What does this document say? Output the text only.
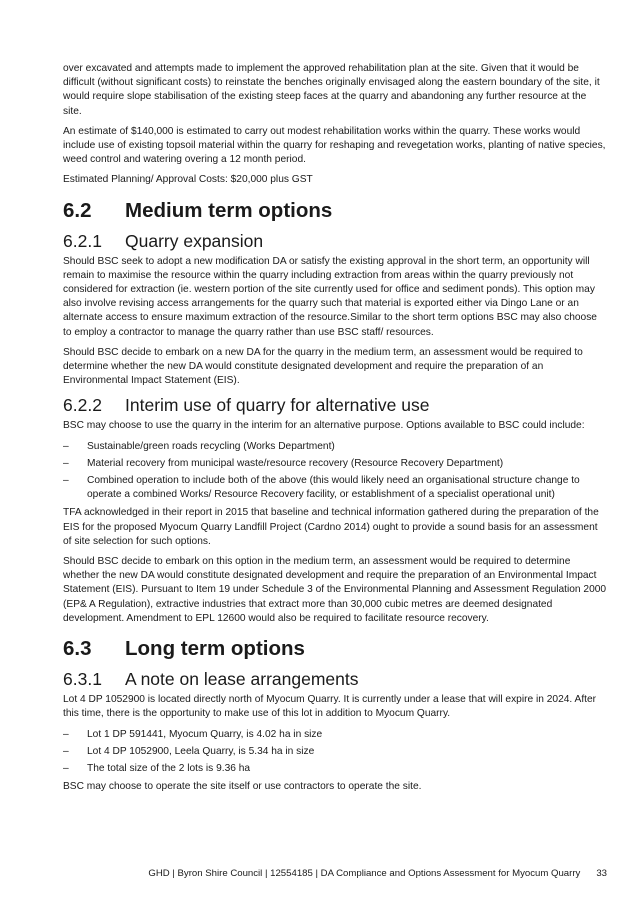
over excavated and attempts made to implement the approved rehabilitation plan at the site. Given that it would be difficult (without significant costs) to reinstate the benches originally envisaged along the eastern boundary of the site, it would require slope stabilisation of the existing steep faces at the quarry and abandoning any further resource at the site.

An estimate of $140,000 is estimated to carry out modest rehabilitation works within the quarry. These works would include use of existing topsoil material within the quarry for reshaping and revegetation works, planting of native species, weed control and watering overing a 12 month period.

Estimated Planning/ Approval Costs: $20,000 plus GST

6.2	Medium term options
6.2.1	Quarry expansion

Should BSC seek to adopt a new modification DA or satisfy the existing approval in the short term, an opportunity will remain to maximise the resource within the quarry including extraction from areas within the quarry previously not considered for extraction (ie. western portion of the site currently used for office and sediment ponds). This option may also involve revising access arrangements for the quarry such that material is exported either via Dingo Lane or an alternate access to ensure maximum extraction of the resource.Similar to the short term options BSC may also choose to employ a contractor to manage the quarry rather than use BSC staff/ resources.

Should BSC decide to embark on a new DA for the quarry in the medium term, an assessment would be required to determine whether the new DA would constitute designated development and require the preparation of an Environmental Impact Statement (EIS).

6.2.2	Interim use of quarry for alternative use

BSC may choose to use the quarry in the interim for an alternative purpose. Options available to BSC could include:

– Sustainable/green roads recycling (Works Department)
– Material recovery from municipal waste/resource recovery (Resource Recovery Department)
– Combined operation to include both of the above (this would likely need an organisational structure change to operate a combined Works/ Resource Recovery facility, or establishment of a specialist operational unit)

TFA acknowledged in their report in 2015 that baseline and technical information gathered during the preparation of the EIS for the proposed Myocum Quarry Landfill Project (Cardno 2014) ought to provide a sound basis for an assessment of site selection for such options.

Should BSC decide to embark on this option in the medium term, an assessment would be required to determine whether the new DA would constitute designated development and require the preparation of an Environmental Impact Statement (EIS). Pursuant to Item 19 under Schedule 3 of the Environmental Planning and Assessment Regulation 2000 (EP& A Regulation), extractive industries that extract more than 30,000 cubic metres are deemed designated development. Amendment to EPL 12600 would also be required to facilitate resource recovery.

6.3	Long term options
6.3.1	A note on lease arrangements

Lot 4 DP 1052900 is located directly north of Myocum Quarry. It is currently under a lease that will expire in 2024. After this time, there is the opportunity to make use of this lot in addition to Myocum Quarry.

– Lot 1 DP 591441, Myocum Quarry, is 4.02 ha in size
– Lot 4 DP 1052900, Leela Quarry, is 5.34 ha in size
– The total size of the 2 lots is 9.36 ha

BSC may choose to operate the site itself or use contractors to operate the site.

GHD | Byron Shire Council | 12554185 | DA Compliance and Options Assessment for Myocum Quarry 33
